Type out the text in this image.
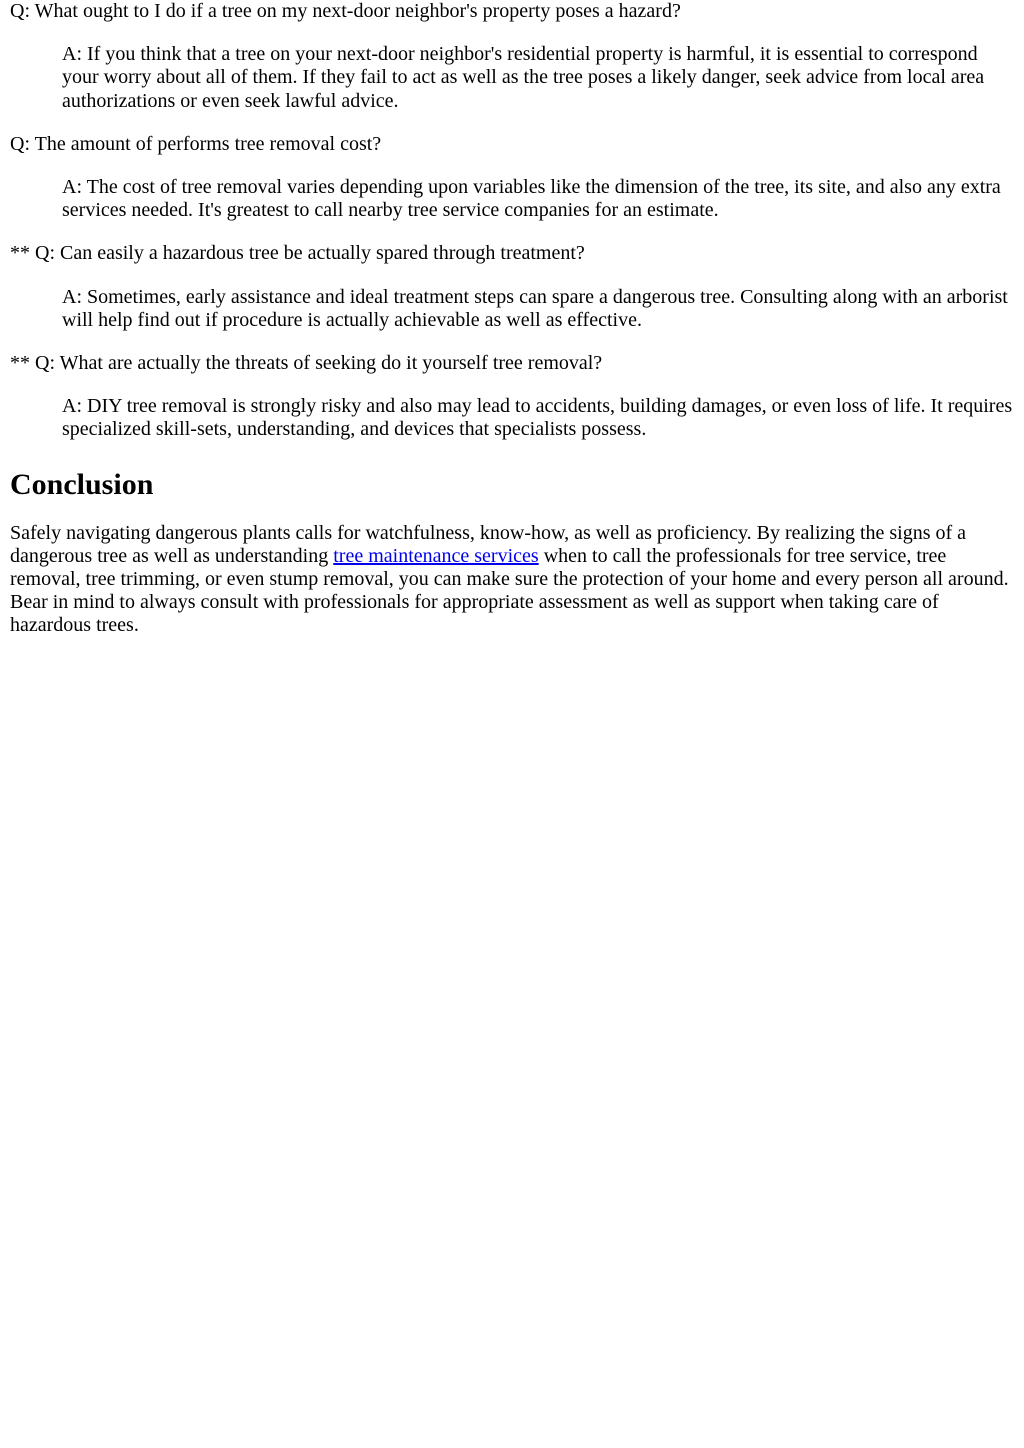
Q: What ought to I do if a tree on my next-door neighbor's property poses a hazard?

A: If you think that a tree on your next-door neighbor's residential property is harmful, it is essential to correspond your worry about all of them. If they fail to act as well as the tree poses a likely danger, seek advice from local area authorizations or even seek lawful advice.

Q: The amount of performs tree removal cost?

A: The cost of tree removal varies depending upon variables like the dimension of the tree, its site, and also any extra services needed. It's greatest to call nearby tree service companies for an estimate.

** Q: Can easily a hazardous tree be actually spared through treatment?

A: Sometimes, early assistance and ideal treatment steps can spare a dangerous tree. Consulting along with an arborist will help find out if procedure is actually achievable as well as effective.

** Q: What are actually the threats of seeking do it yourself tree removal?

A: DIY tree removal is strongly risky and also may lead to accidents, building damages, or even loss of life. It requires specialized skill-sets, understanding, and devices that specialists possess.

Conclusion

Safely navigating dangerous plants calls for watchfulness, know-how, as well as proficiency. By realizing the signs of a dangerous tree as well as understanding tree maintenance services when to call the professionals for tree service, tree removal, tree trimming, or even stump removal, you can make sure the protection of your home and every person all around. Bear in mind to always consult with professionals for appropriate assessment as well as support when taking care of hazardous trees.
